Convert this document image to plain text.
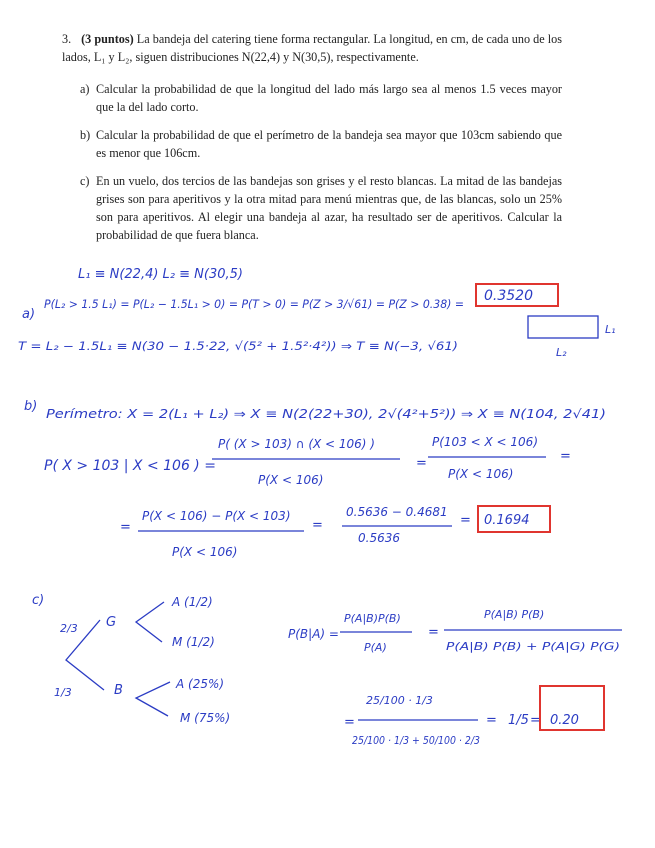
3. (3 puntos) La bandeja del catering tiene forma rectangular. La longitud, en cm, de cada uno de los lados, L₁ y L₂, siguen distribuciones N(22,4) y N(30,5), respectivamente.
a) Calcular la probabilidad de que la longitud del lado más largo sea al menos 1.5 veces mayor que la del lado corto.
b) Calcular la probabilidad de que el perímetro de la bandeja sea mayor que 103cm sabiendo que es menor que 106cm.
c) En un vuelo, dos tercios de las bandejas son grises y el resto blancas. La mitad de las bandejas grises son para aperitivos y la otra mitad para menú mientras que, de las blancas, solo un 25% son para aperitivos. Al elegir una bandeja al azar, ha resultado ser de aperitivos. Calcular la probabilidad de que fuera blanca.
L₁ ≡ N(22,4) L₂ ≡ N(30,5)
a)
P(L₂ > 1.5 L₁) = P(L₂ − 1.5L₁ > 0) = P(T > 0) = P(Z > 3/√61) = P(Z > 0.38) = 0.3520
T = L₂ − 1.5L₁ ≡ N(30 − 1.5·22, √(5² + 1.5²·4²)) ⇒ T ≡ N(−3, √61)
L₁
L₂
b) Perímetro: X = 2(L₁ + L₂) ⇒ X ≡ N(2(22+30), 2√(4²+5²)) ⇒ X ≡ N(104, 2√41)
P( X > 103 | X < 106 ) =
P( (X > 103) ∩ (X < 106) )
P(X < 106)
=
P(103 < X < 106)
P(X < 106)
=
=
P(X < 106) − P(X < 103)
P(X < 106)
=
0.5636 − 0.4681
0.5636
= 0.1694
c)
2/3 G
1/3	B
A (1/2)
M (1/2)
A (25%)
M (75%)
P(B|A) =
P(A|B)P(B)
P(A)
=
P(A|B) P(B)
P(A|B) P(B) + P(A|G) P(G)
=
25/100 · 1/3
25/100 · 1/3 + 50/100 · 2/3
= 1/5 = 0.20
